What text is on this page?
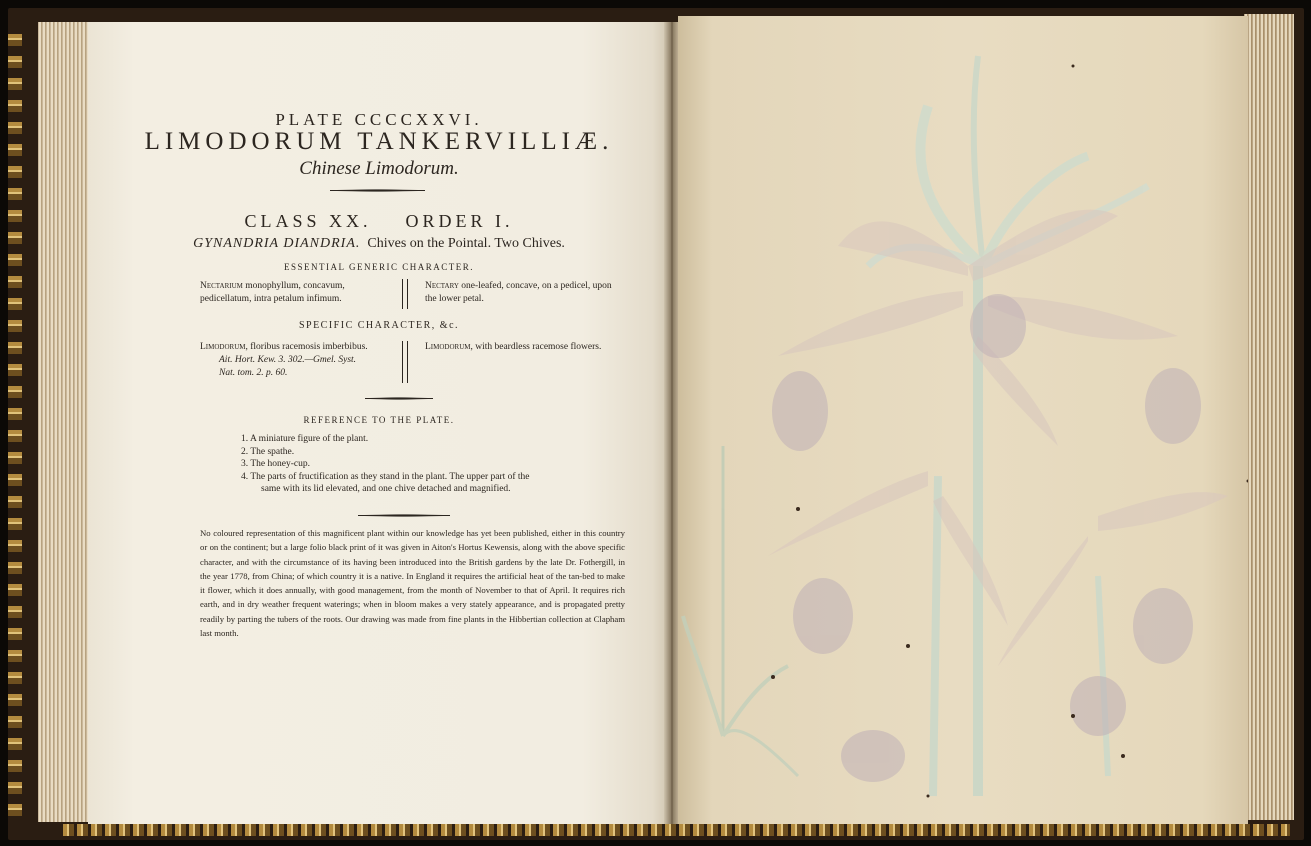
PLATE CCCCXXVI.
LIMODORUM TANKERVILLIÆ.
Chinese Limodorum.
CLASS XX.    ORDER I.
GYNANDRIA DIANDRIA. Chives on the Pointal. Two Chives.
ESSENTIAL GENERIC CHARACTER.
Nectarium monophyllum, concavum, pedicellatum, intra petalum infimum.
Nectary one-leafed, concave, on a pedicel, upon the lower petal.
SPECIFIC CHARACTER, &c.
Limodorum, floribus racemosis imberbibus.
Ait. Hort. Kew. 3. 302.—Gmel. Syst.
Nat. tom. 2. p. 60.
Limodorum, with beardless racemose flowers.
REFERENCE TO THE PLATE.
1. A miniature figure of the plant.
2. The spathe.
3. The honey-cup.
4. The parts of fructification as they stand in the plant. The upper part of the
same with its lid elevated, and one chive detached and magnified.
No coloured representation of this magnificent plant within our knowledge has yet been published, either in this country or on the continent; but a large folio black print of it was given in Aiton's Hortus Kewensis, along with the above specific character, and with the circumstance of its having been introduced into the British gardens by the late Dr. Fothergill, in the year 1778, from China; of which country it is a native. In England it requires the artificial heat of the tan-bed to make it flower, which it does annually, with good management, from the month of November to that of April. It requires rich earth, and in dry weather frequent waterings; when in bloom makes a very stately appearance, and is propagated pretty readily by parting the tubers of the roots. Our drawing was made from fine plants in the Hibbertian collection at Clapham last month.
